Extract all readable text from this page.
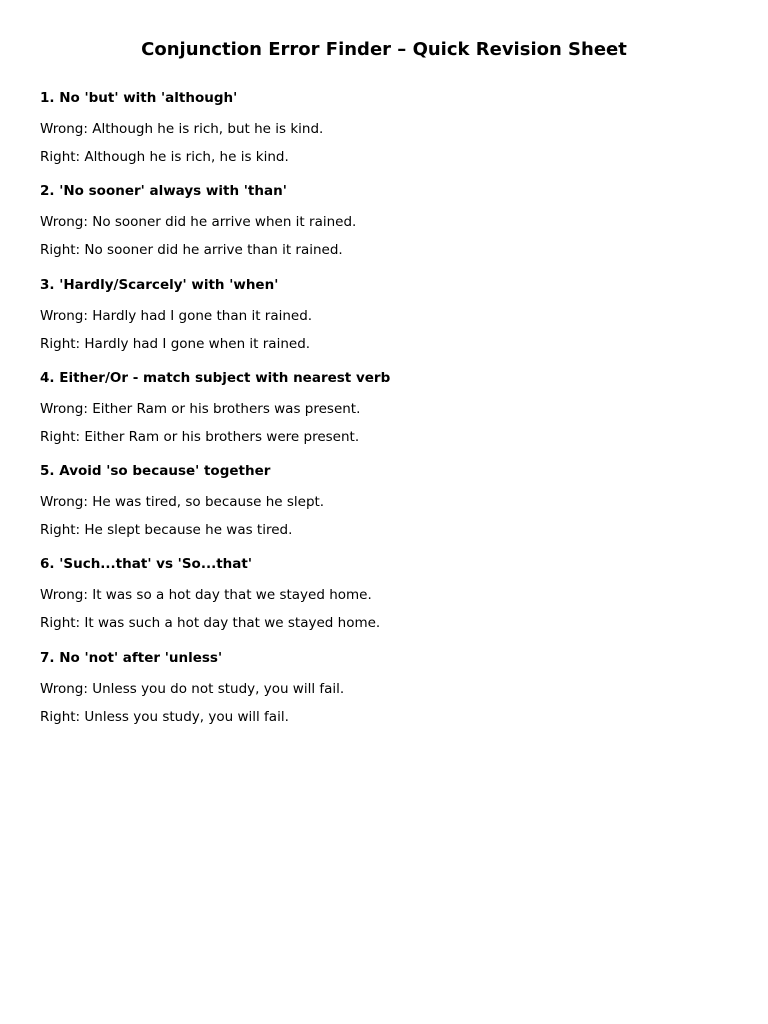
Conjunction Error Finder – Quick Revision Sheet

1. No 'but' with 'although'

Wrong: Although he is rich, but he is kind.

Right: Although he is rich, he is kind.

2. 'No sooner' always with 'than'

Wrong: No sooner did he arrive when it rained.

Right: No sooner did he arrive than it rained.

3. 'Hardly/Scarcely' with 'when'

Wrong: Hardly had I gone than it rained.

Right: Hardly had I gone when it rained.

4. Either/Or - match subject with nearest verb

Wrong: Either Ram or his brothers was present.

Right: Either Ram or his brothers were present.

5. Avoid 'so because' together

Wrong: He was tired, so because he slept.

Right: He slept because he was tired.

6. 'Such...that' vs 'So...that'

Wrong: It was so a hot day that we stayed home.

Right: It was such a hot day that we stayed home.

7. No 'not' after 'unless'

Wrong: Unless you do not study, you will fail.

Right: Unless you study, you will fail.
